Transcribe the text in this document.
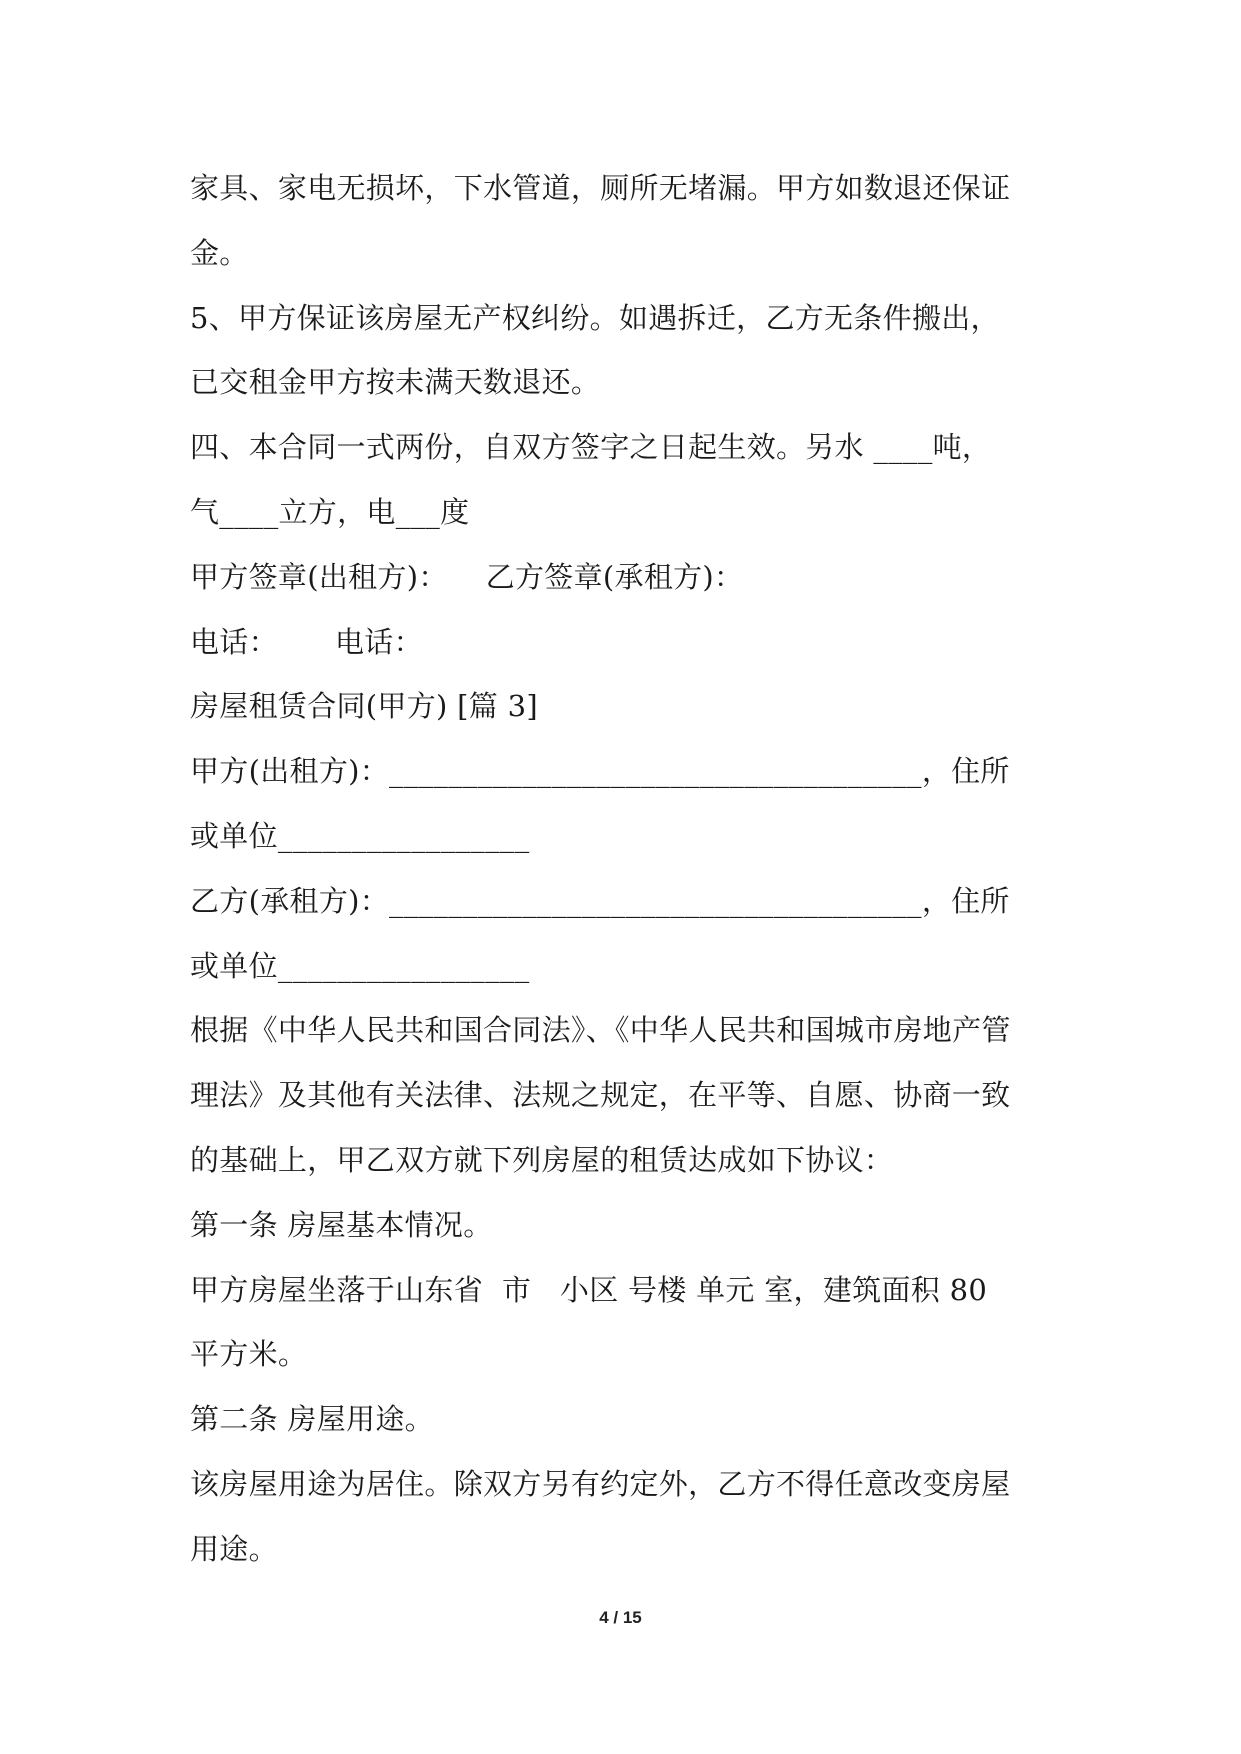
家具、家电无损坏，下水管道，厕所无堵漏。甲方如数退还保证

金。

5、甲方保证该房屋无产权纠纷。如遇拆迁，乙方无条件搬出，

已交租金甲方按未满天数退还。

四、本合同一式两份，自双方签字之日起生效。另水 ____吨，

气____立方，电___度

甲方签章(出租方)：    乙方签章(承租方)：

电话：      电话：

房屋租赁合同(甲方) [篇 3]

甲方(出租方)：____________________________________，住所

或单位_________________

乙方(承租方)：____________________________________，住所

或单位_________________

根据《中华人民共和国合同法》、《中华人民共和国城市房地产管

理法》及其他有关法律、法规之规定，在平等、自愿、协商一致

的基础上，甲乙双方就下列房屋的租赁达成如下协议：

第一条 房屋基本情况。

甲方房屋坐落于山东省  市   小区 号楼 单元 室，建筑面积 80

平方米。

第二条 房屋用途。

该房屋用途为居住。除双方另有约定外，乙方不得任意改变房屋

用途。

4 / 15
